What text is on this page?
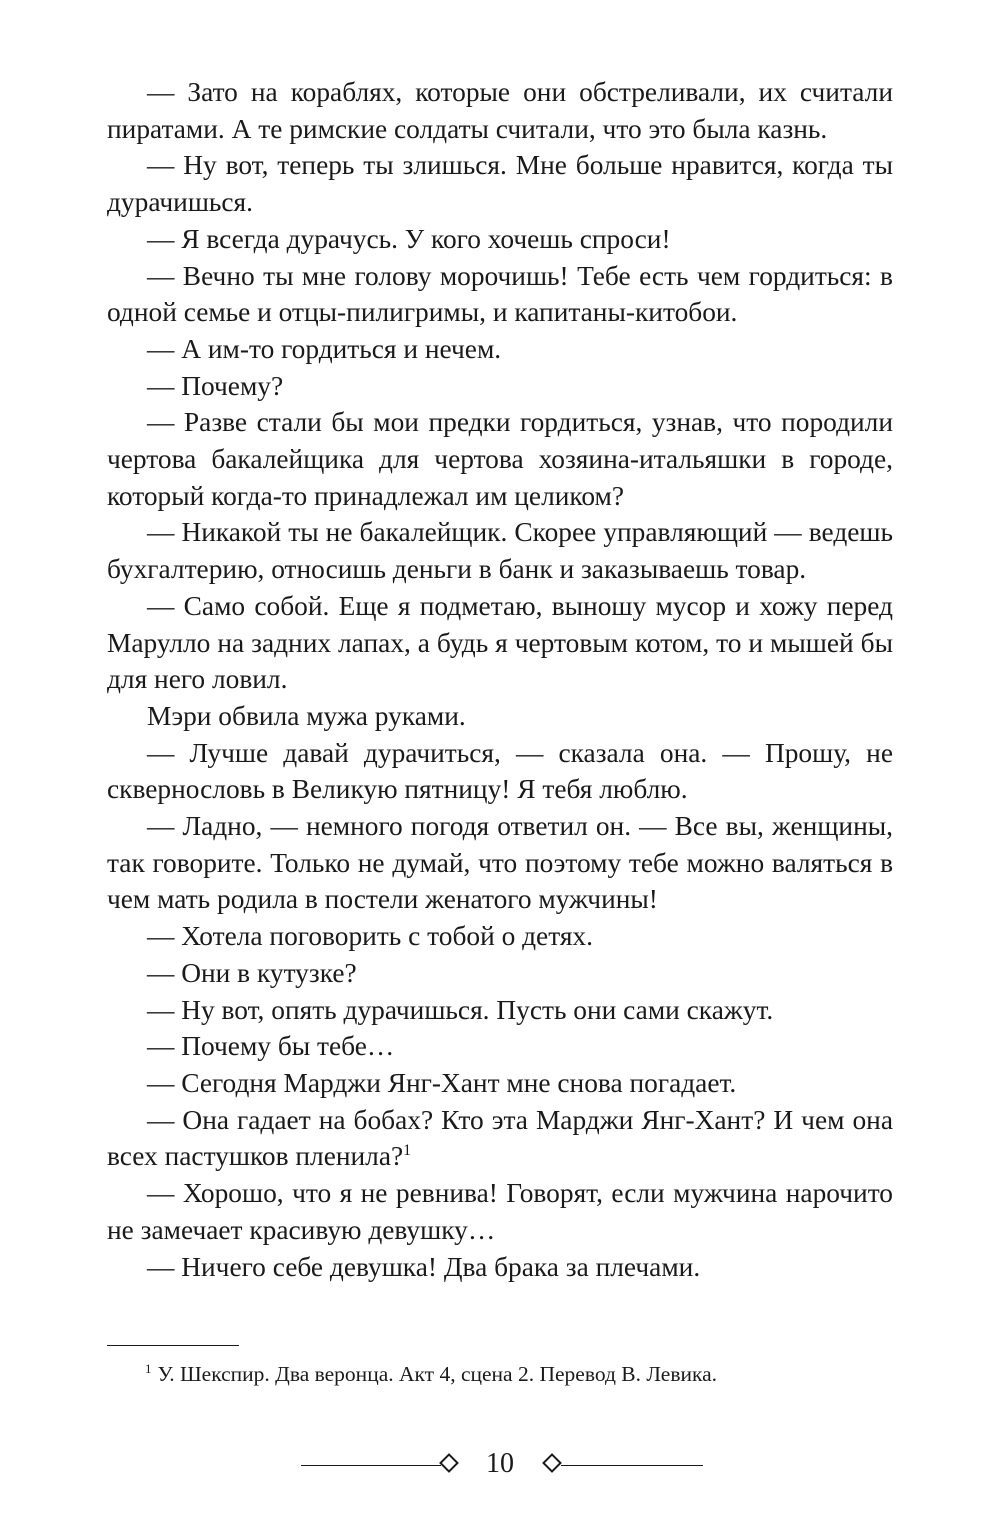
— Зато на кораблях, которые они обстреливали, их считали пиратами. А те римские солдаты считали, что это была казнь.

— Ну вот, теперь ты злишься. Мне больше нравится, когда ты дурачишься.

— Я всегда дурачусь. У кого хочешь спроси!

— Вечно ты мне голову морочишь! Тебе есть чем гордиться: в одной семье и отцы-пилигримы, и капитаны-китобои.

— А им-то гордиться и нечем.

— Почему?

— Разве стали бы мои предки гордиться, узнав, что породили чертова бакалейщика для чертова хозяина-итальяшки в городе, который когда-то принадлежал им целиком?

— Никакой ты не бакалейщик. Скорее управляющий — ведешь бухгалтерию, относишь деньги в банк и заказываешь товар.

— Само собой. Еще я подметаю, выношу мусор и хожу перед Марулло на задних лапах, а будь я чертовым котом, то и мышей бы для него ловил.

Мэри обвила мужа руками.

— Лучше давай дурачиться, — сказала она. — Прошу, не сквернословь в Великую пятницу! Я тебя люблю.

— Ладно, — немного погодя ответил он. — Все вы, женщины, так говорите. Только не думай, что поэтому тебе можно валяться в чем мать родила в постели женатого мужчины!

— Хотела поговорить с тобой о детях.

— Они в кутузке?

— Ну вот, опять дурачишься. Пусть они сами скажут.

— Почему бы тебе…

— Сегодня Марджи Янг-Хант мне снова погадает.

— Она гадает на бобах? Кто эта Марджи Янг-Хант? И чем она всех пастушков пленила?$^1$

— Хорошо, что я не ревнива! Говорят, если мужчина нарочито не замечает красивую девушку…

— Ничего себе девушка! Два брака за плечами.

$^1$ У. Шекспир. Два веронца. Акт 4, сцена 2. Перевод В. Левика.
10
